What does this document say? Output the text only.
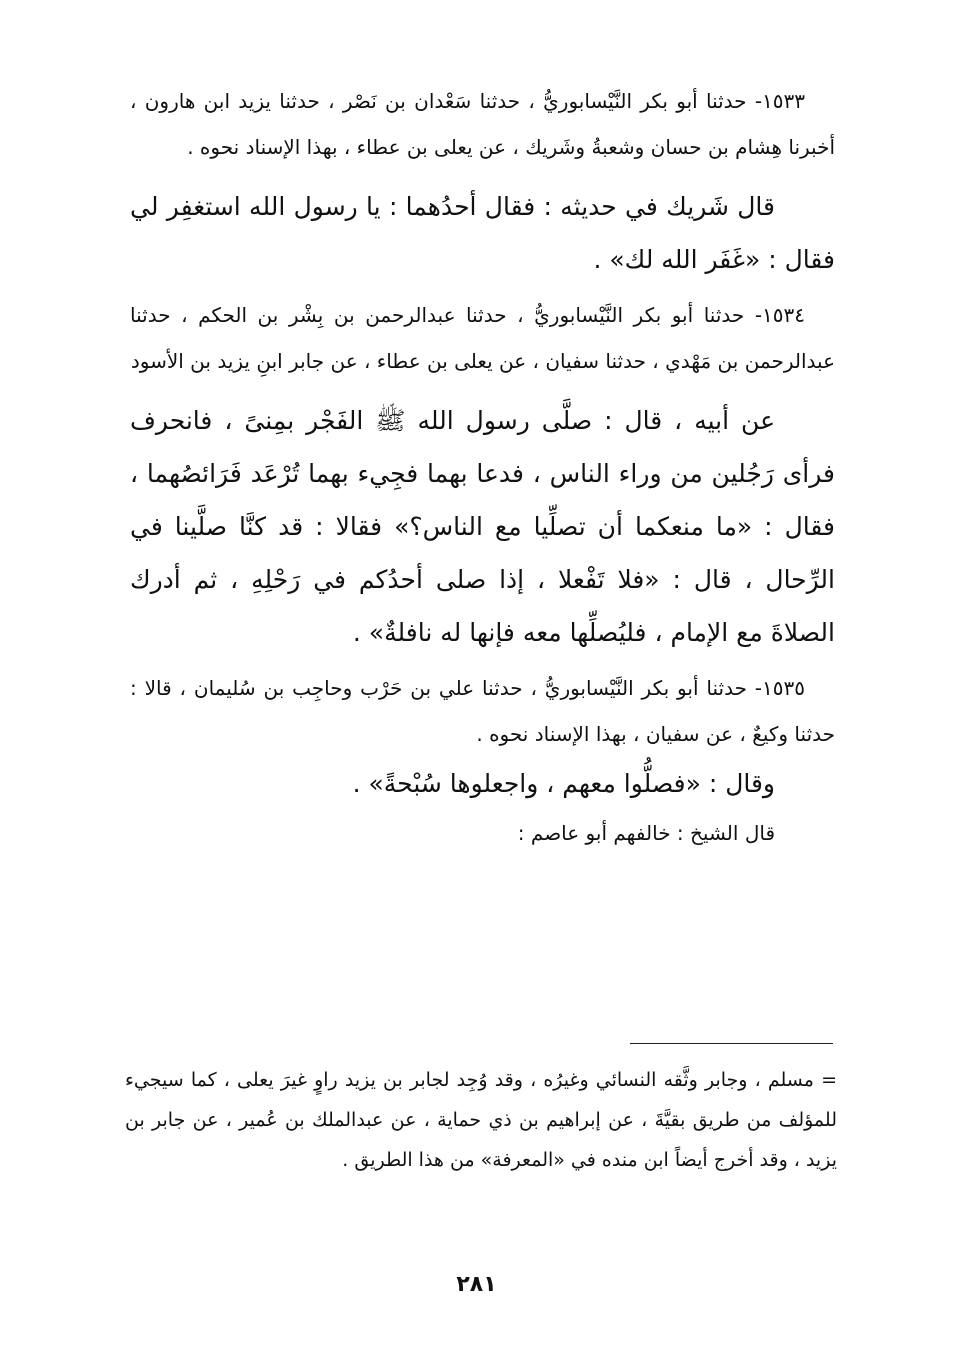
١٥٣٣- حدثنا أبو بكر النَّيْسابوريُّ ، حدثنا سَعْدان بن نَصْر ، حدثنا يزيد ابن هارون ، أخبرنا هِشام بن حسان وشعبةُ وشَريك ، عن يعلى بن عطاء ، بهذا الإسناد نحوه .

قال شَريك في حديثه : فقال أحدُهما : يا رسول الله استغفِر لي فقال : «غَفَر الله لك» .

١٥٣٤- حدثنا أبو بكر النَّيْسابوريُّ ، حدثنا عبدالرحمن بن بِشْر بن الحكم ، حدثنا عبدالرحمن بن مَهْدي ، حدثنا سفيان ، عن يعلى بن عطاء ، عن جابر ابنِ يزيد بن الأسود

عن أبيه ، قال : صلَّى رسول الله ﷺ الفَجْر بمِنىً ، فانحرف فرأى رَجُلين من وراء الناس ، فدعا بهما فجِيء بهما تُرْعَد فَرَائصُهما ، فقال : «ما منعكما أن تصلِّيا مع الناس؟» فقالا : قد كنَّا صلَّينا في الرِّحال ، قال : «فلا تَفْعلا ، إذا صلى أحدُكم في رَحْلِهِ ، ثم أدرك الصلاةَ مع الإمام ، فليُصلِّها معه فإنها له نافلةٌ» .

١٥٣٥- حدثنا أبو بكر النَّيْسابوريُّ ، حدثنا علي بن حَرْب وحاجِب بن سُليمان ، قالا : حدثنا وكيعٌ ، عن سفيان ، بهذا الإسناد نحوه .

وقال : «فصلُّوا معهم ، واجعلوها سُبْحةً» .

قال الشيخ : خالفهم أبو عاصم :

= مسلم ، وجابر وثَّقه النسائي وغيرُه ، وقد وُجِد لجابر بن يزيد راوٍ غيرَ يعلى ، كما سيجيء للمؤلف من طريق بقيَّةَ ، عن إبراهيم بن ذي حماية ، عن عبدالملك بن عُمير ، عن جابر بن يزيد ، وقد أخرج أيضاً ابن منده في «المعرفة» من هذا الطريق .
٢٨١
